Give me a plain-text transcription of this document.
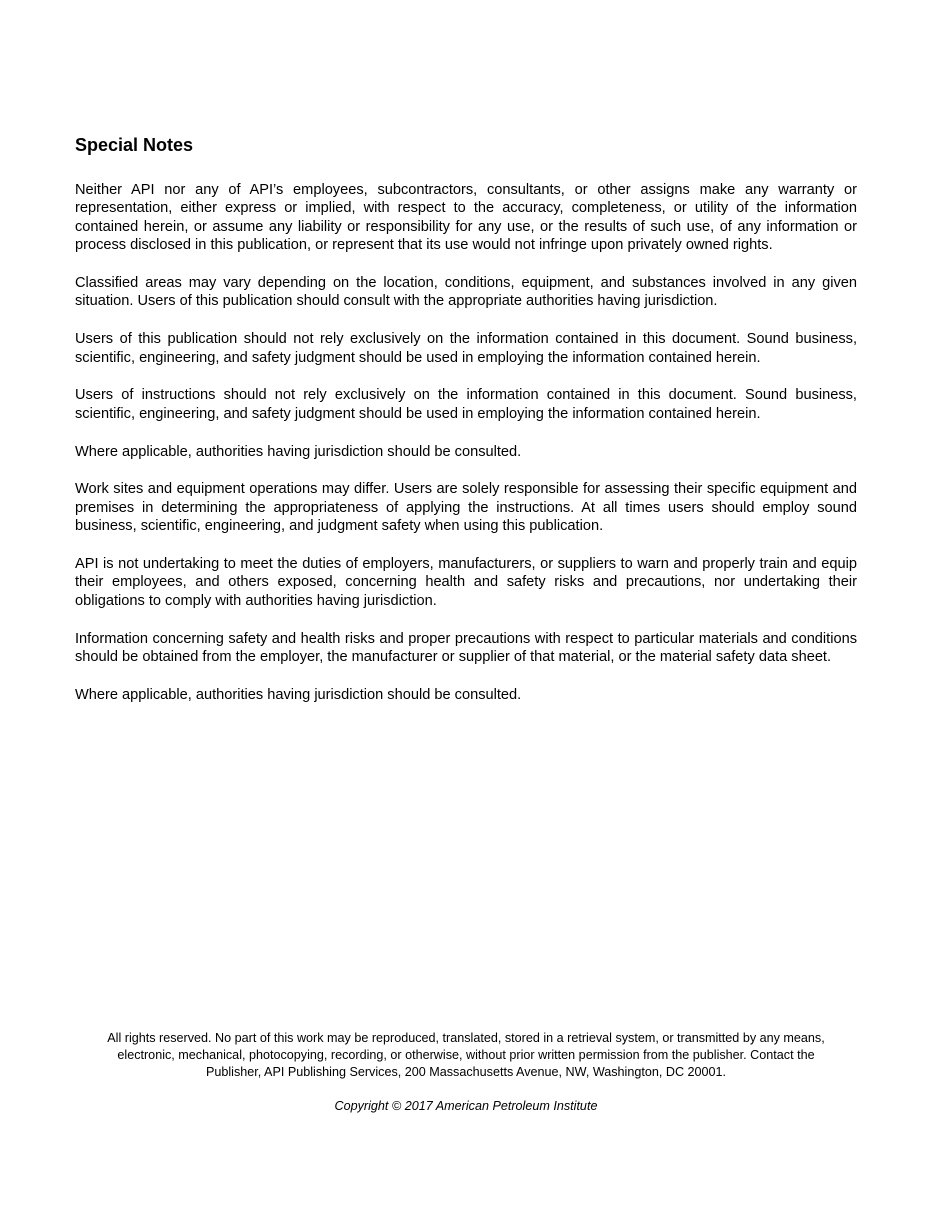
Special Notes

Neither API nor any of API’s employees, subcontractors, consultants, or other assigns make any warranty or representation, either express or implied, with respect to the accuracy, completeness, or utility of the information contained herein, or assume any liability or responsibility for any use, or the results of such use, of any information or process disclosed in this publication, or represent that its use would not infringe upon privately owned rights.

Classified areas may vary depending on the location, conditions, equipment, and substances involved in any given situation. Users of this publication should consult with the appropriate authorities having jurisdiction.

Users of this publication should not rely exclusively on the information contained in this document. Sound business, scientific, engineering, and safety judgment should be used in employing the information contained herein.

Users of instructions should not rely exclusively on the information contained in this document. Sound business, scientific, engineering, and safety judgment should be used in employing the information contained herein.

Where applicable, authorities having jurisdiction should be consulted.

Work sites and equipment operations may differ. Users are solely responsible for assessing their specific equipment and premises in determining the appropriateness of applying the instructions. At all times users should employ sound business, scientific, engineering, and judgment safety when using this publication.

API is not undertaking to meet the duties of employers, manufacturers, or suppliers to warn and properly train and equip their employees, and others exposed, concerning health and safety risks and precautions, nor undertaking their obligations to comply with authorities having jurisdiction.

Information concerning safety and health risks and proper precautions with respect to particular materials and conditions should be obtained from the employer, the manufacturer or supplier of that material, or the material safety data sheet.

Where applicable, authorities having jurisdiction should be consulted.

All rights reserved. No part of this work may be reproduced, translated, stored in a retrieval system, or transmitted by any means,
electronic, mechanical, photocopying, recording, or otherwise, without prior written permission from the publisher. Contact the
Publisher, API Publishing Services, 200 Massachusetts Avenue, NW, Washington, DC 20001.

Copyright © 2017 American Petroleum Institute
